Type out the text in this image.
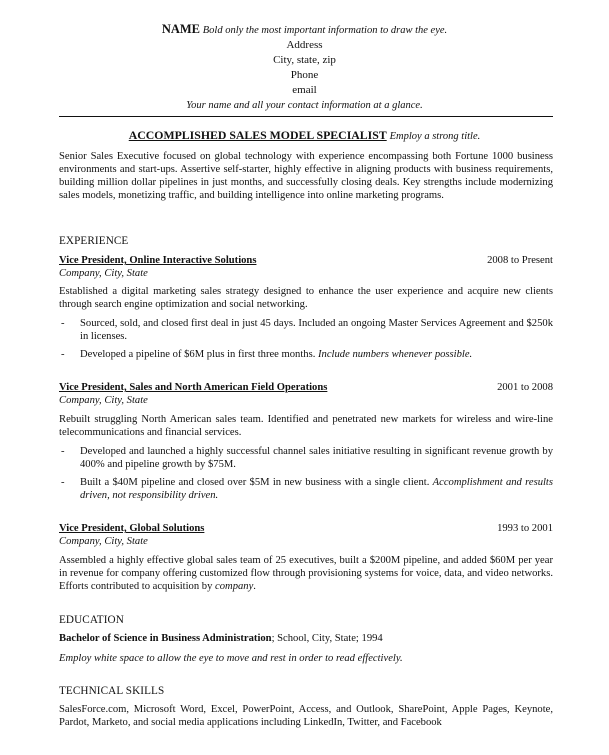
NAME Bold only the most important information to draw the eye.
Address
City, state, zip
Phone
email
Your name and all your contact information at a glance.
ACCOMPLISHED SALES MODEL SPECIALIST Employ a strong title.
Senior Sales Executive focused on global technology with experience encompassing both Fortune 1000 business environments and start-ups. Assertive self-starter, highly effective in aligning products with business requirements, building million dollar pipelines in just months, and successfully closing deals. Key strengths include modernizing sales models, monetizing traffic, and building intelligence into online marketing programs.
EXPERIENCE
Vice President, Online Interactive Solutions	2008 to Present
Company, City, State
Established a digital marketing sales strategy designed to enhance the user experience and acquire new clients through search engine optimization and social networking.
- Sourced, sold, and closed first deal in just 45 days. Included an ongoing Master Services Agreement and $250k in licenses.
- Developed a pipeline of $6M plus in first three months. Include numbers whenever possible.
Vice President, Sales and North American Field Operations	2001 to 2008
Company, City, State
Rebuilt struggling North American sales team. Identified and penetrated new markets for wireless and wire-line telecommunications and financial services.
- Developed and launched a highly successful channel sales initiative resulting in significant revenue growth by 400% and pipeline growth by $75M.
- Built a $40M pipeline and closed over $5M in new business with a single client. Accomplishment and results driven, not responsibility driven.
Vice President, Global Solutions	1993 to 2001
Company, City, State
Assembled a highly effective global sales team of 25 executives, built a $200M pipeline, and added $60M per year in revenue for company offering customized flow through provisioning systems for voice, data, and video networks. Efforts contributed to acquisition by company.
EDUCATION
Bachelor of Science in Business Administration; School, City, State; 1994
Employ white space to allow the eye to move and rest in order to read effectively.
TECHNICAL SKILLS
SalesForce.com, Microsoft Word, Excel, PowerPoint, Access, and Outlook, SharePoint, Apple Pages, Keynote, Pardot, Marketo, and social media applications including LinkedIn, Twitter, and Facebook
